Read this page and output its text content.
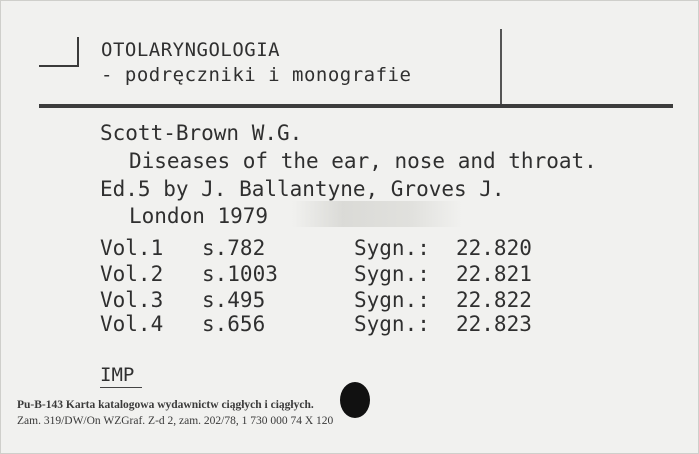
OTOLARYNGOLOGIA
- podręczniki i monografie
Scott-Brown W.G.
Diseases of the ear, nose and throat.
Ed.5 by J. Ballantyne, Groves J.
London 1979
Vol.1 s.782	Sygn.: 22.820
Vol.2 s.1003	Sygn.: 22.821
Vol.3 s.495	Sygn.: 22.822
Vol.4 s.656	Sygn.: 22.823
IMP
Pu-B-143 Karta katalogowa wydawnictw ciągłych i ciągłych.
Zam. 319/DW/On WZGraf. Z-d 2, zam. 202/78, 1 730 000 74 X 120
